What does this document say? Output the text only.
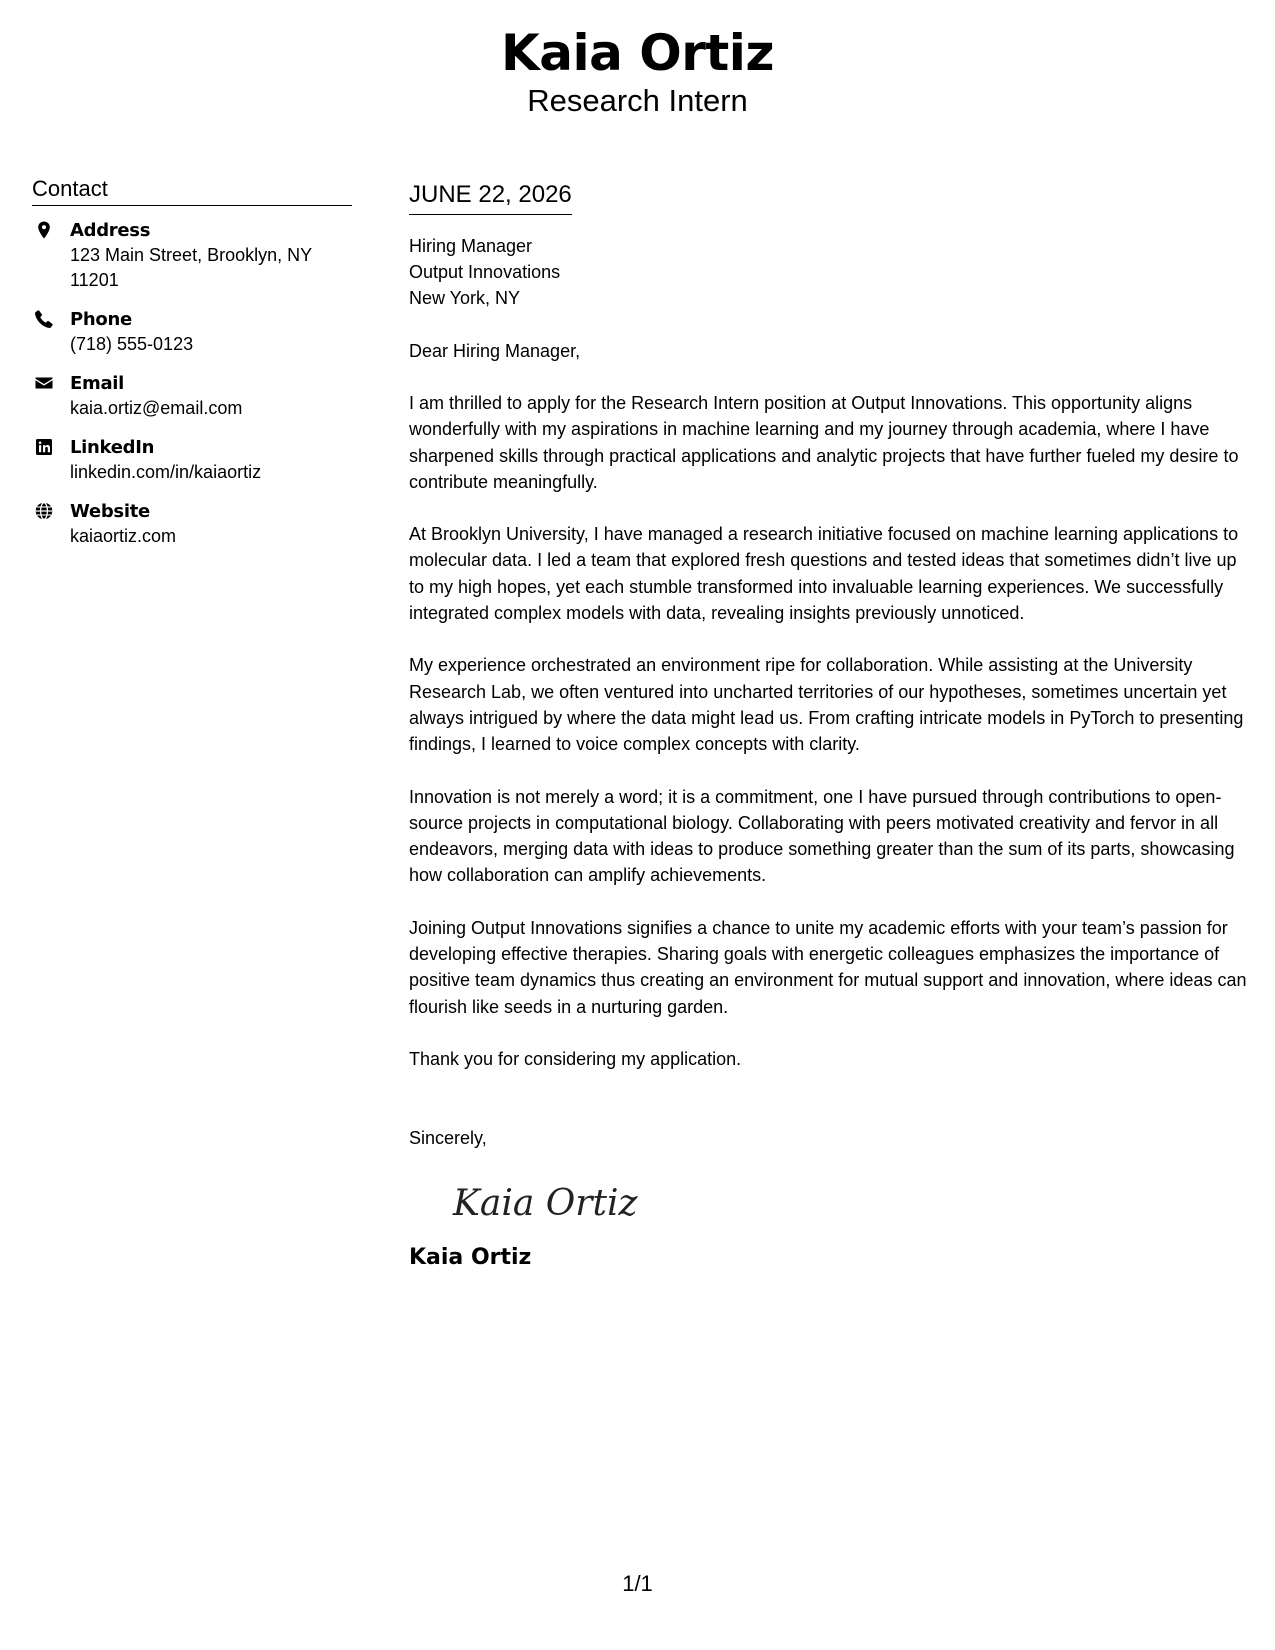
Kaia Ortiz
Research Intern
Contact
Address
123 Main Street, Brooklyn, NY 11201
Phone
(718) 555-0123
Email
kaia.ortiz@email.com
LinkedIn
linkedin.com/in/kaiaortiz
Website
kaiaortiz.com
JUNE 22, 2026
Hiring Manager
Output Innovations
New York, NY
Dear Hiring Manager,
I am thrilled to apply for the Research Intern position at Output Innovations. This opportunity aligns wonderfully with my aspirations in machine learning and my journey through academia, where I have sharpened skills through practical applications and analytic projects that have further fueled my desire to contribute meaningfully.
At Brooklyn University, I have managed a research initiative focused on machine learning applications to molecular data. I led a team that explored fresh questions and tested ideas that sometimes didn’t live up to my high hopes, yet each stumble transformed into invaluable learning experiences. We successfully integrated complex models with data, revealing insights previously unnoticed.
My experience orchestrated an environment ripe for collaboration. While assisting at the University Research Lab, we often ventured into uncharted territories of our hypotheses, sometimes uncertain yet always intrigued by where the data might lead us. From crafting intricate models in PyTorch to presenting findings, I learned to voice complex concepts with clarity.
Innovation is not merely a word; it is a commitment, one I have pursued through contributions to open-source projects in computational biology. Collaborating with peers motivated creativity and fervor in all endeavors, merging data with ideas to produce something greater than the sum of its parts, showcasing how collaboration can amplify achievements.
Joining Output Innovations signifies a chance to unite my academic efforts with your team’s passion for developing effective therapies. Sharing goals with energetic colleagues emphasizes the importance of positive team dynamics thus creating an environment for mutual support and innovation, where ideas can flourish like seeds in a nurturing garden.
Thank you for considering my application.
Sincerely,
Kaia Ortiz
Kaia Ortiz
1/1
